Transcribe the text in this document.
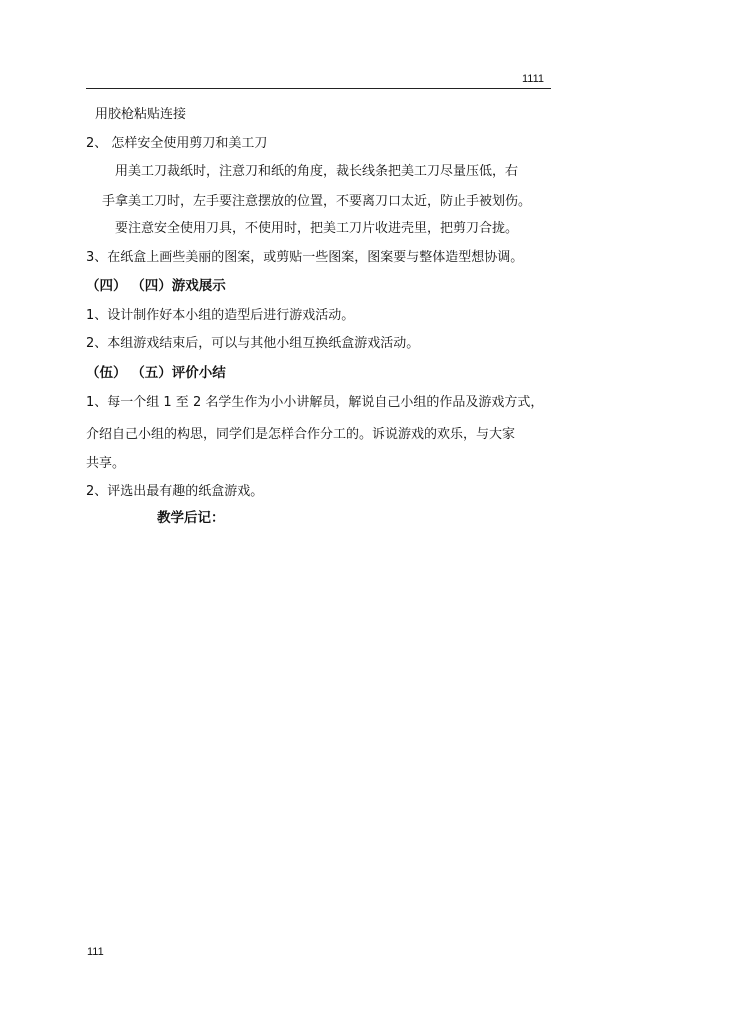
1111
用胶枪粘贴连接
2、 怎样安全使用剪刀和美工刀
用美工刀裁纸时，注意刀和纸的角度，裁长线条把美工刀尽量压低，右
手拿美工刀时，左手要注意摆放的位置，不要离刀口太近，防止手被划伤。
要注意安全使用刀具，不使用时，把美工刀片收进壳里，把剪刀合拢。
3、在纸盒上画些美丽的图案，或剪贴一些图案，图案要与整体造型想协调。
（四） （四）游戏展示
1、设计制作好本小组的造型后进行游戏活动。
2、本组游戏结束后，可以与其他小组互换纸盒游戏活动。
（伍） （五）评价小结
1、每一个组 1 至 2 名学生作为小小讲解员，解说自己小组的作品及游戏方式，
介绍自己小组的构思，同学们是怎样合作分工的。诉说游戏的欢乐，与大家
共享。
2、评选出最有趣的纸盒游戏。
教学后记：
111
